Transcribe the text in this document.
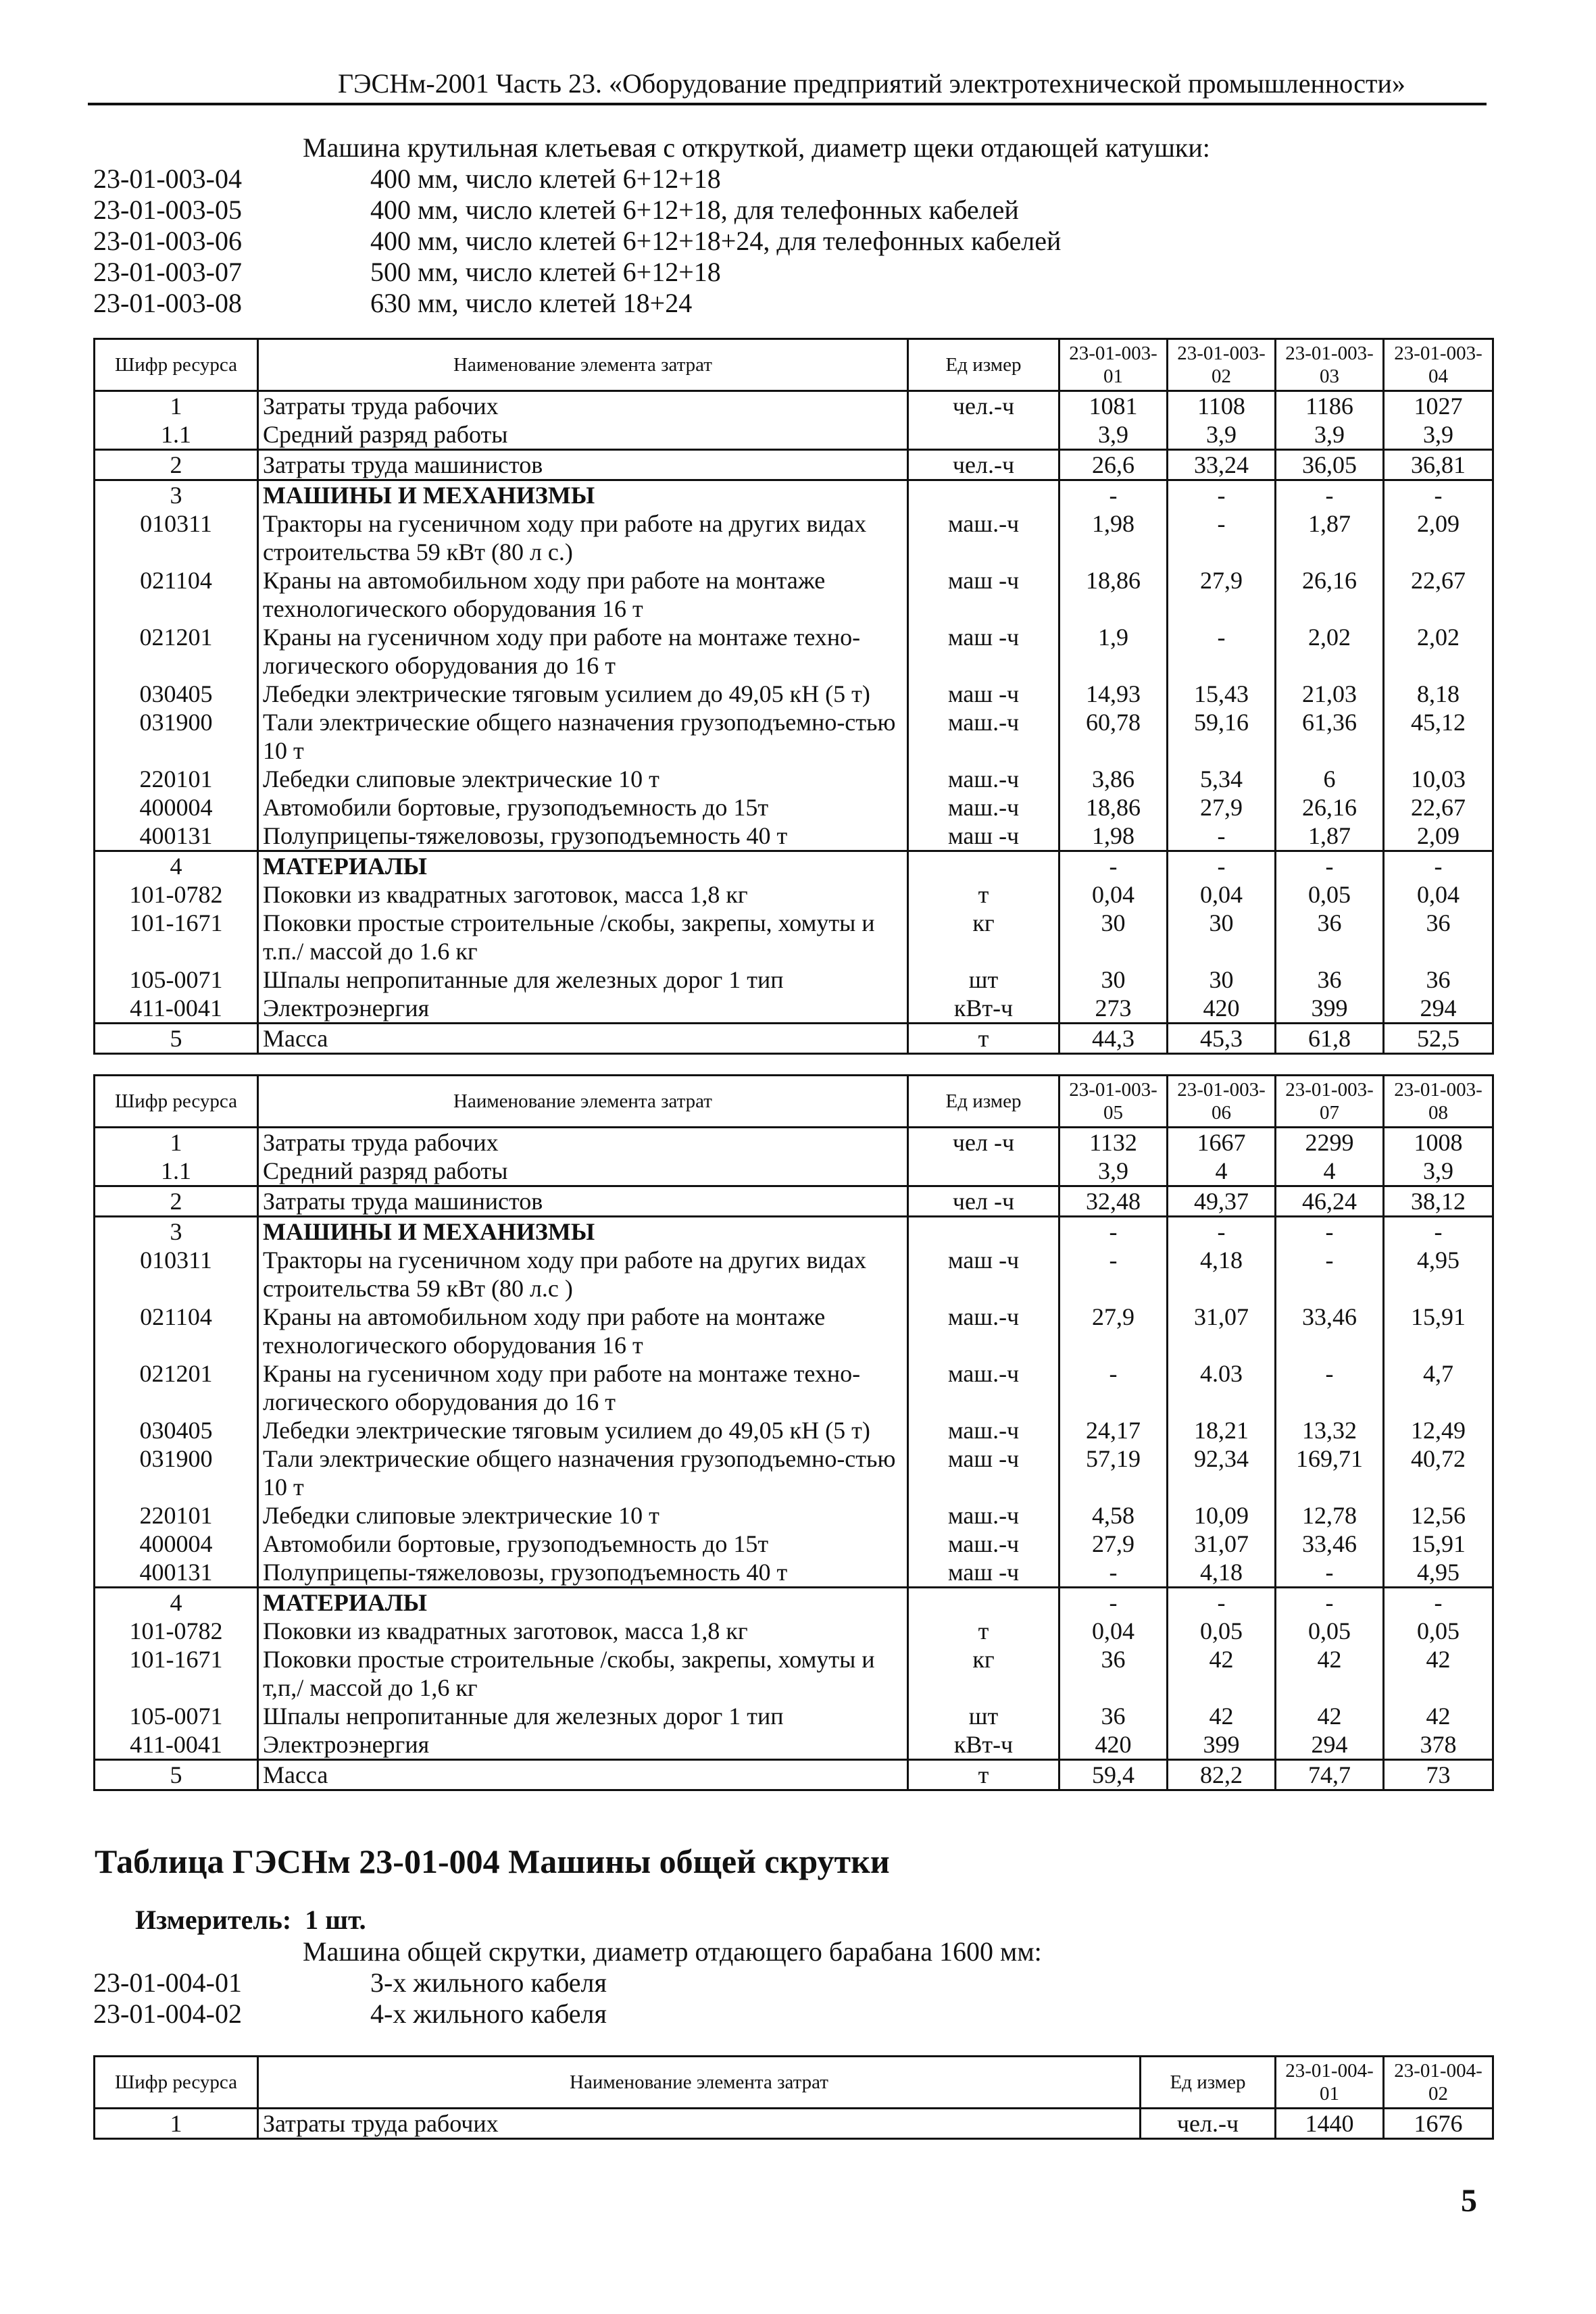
ГЭСНм-2001 Часть 23. «Оборудование предприятий электротехнической промышленности»
Машина крутильная клетьевая с откруткой, диаметр щеки отдающей катушки:
23-01-003-04	400 мм, число клетей 6+12+18
23-01-003-05	400 мм, число клетей 6+12+18, для телефонных кабелей
23-01-003-06	400 мм, число клетей 6+12+18+24, для телефонных кабелей
23-01-003-07	500 мм, число клетей 6+12+18
23-01-003-08	630 мм, число клетей 18+24
Шифр ресурса	Наименование элемента затрат	Ед измер	23-01-003-01	23-01-003-02	23-01-003-03	23-01-003-04
1	Затраты труда рабочих	чел.-ч	1081	1108	1186	1027
1.1	Средний разряд работы		3,9	3,9	3,9	3,9
2	Затраты труда машинистов	чел.-ч	26,6	33,24	36,05	36,81
3	МАШИНЫ И МЕХАНИЗМЫ		-	-	-	-
010311	Тракторы на гусеничном ходу при работе на других видах строительства 59 кВт (80 л с.)	маш.-ч	1,98	-	1,87	2,09
021104	Краны на автомобильном ходу при работе на монтаже технологического оборудования 16 т	маш -ч	18,86	27,9	26,16	22,67
021201	Краны на гусеничном ходу при работе на монтаже техно-логического оборудования до 16 т	маш -ч	1,9	-	2,02	2,02
030405	Лебедки электрические тяговым усилием до 49,05 кН (5 т)	маш -ч	14,93	15,43	21,03	8,18
031900	Тали электрические общего назначения грузоподъемно-стью 10 т	маш.-ч	60,78	59,16	61,36	45,12
220101	Лебедки слиповые электрические 10 т	маш.-ч	3,86	5,34	6	10,03
400004	Автомобили бортовые, грузоподъемность до 15т	маш.-ч	18,86	27,9	26,16	22,67
400131	Полуприцепы-тяжеловозы, грузоподъемность 40 т	маш -ч	1,98	-	1,87	2,09
4	МАТЕРИАЛЫ		-	-	-	-
101-0782	Поковки из квадратных заготовок, масса 1,8 кг	т	0,04	0,04	0,05	0,04
101-1671	Поковки простые строительные /скобы, закрепы, хомуты и т.п./ массой до 1.6 кг	кг	30	30	36	36
105-0071	Шпалы непропитанные для железных дорог 1 тип	шт	30	30	36	36
411-0041	Электроэнергия	кВт-ч	273	420	399	294
5	Масса	т	44,3	45,3	61,8	52,5
Шифр ресурса	Наименование элемента затрат	Ед измер	23-01-003-05	23-01-003-06	23-01-003-07	23-01-003-08
1	Затраты труда рабочих	чел -ч	1132	1667	2299	1008
1.1	Средний разряд работы		3,9	4	4	3,9
2	Затраты труда машинистов	чел -ч	32,48	49,37	46,24	38,12
3	МАШИНЫ И МЕХАНИЗМЫ		-	-	-	-
010311	Тракторы на гусеничном ходу при работе на других видах строительства 59 кВт (80 л.с )	маш -ч	-	4,18	-	4,95
021104	Краны на автомобильном ходу при работе на монтаже технологического оборудования 16 т	маш.-ч	27,9	31,07	33,46	15,91
021201	Краны на гусеничном ходу при работе на монтаже техно-логического оборудования до 16 т	маш.-ч	-	4.03	-	4,7
030405	Лебедки электрические тяговым усилием до 49,05 кН (5 т)	маш.-ч	24,17	18,21	13,32	12,49
031900	Тали электрические общего назначения грузоподъемно-стью 10 т	маш -ч	57,19	92,34	169,71	40,72
220101	Лебедки слиповые электрические 10 т	маш.-ч	4,58	10,09	12,78	12,56
400004	Автомобили бортовые, грузоподъемность до 15т	маш.-ч	27,9	31,07	33,46	15,91
400131	Полуприцепы-тяжеловозы, грузоподъемность 40 т	маш -ч	-	4,18	-	4,95
4	МАТЕРИАЛЫ		-	-	-	-
101-0782	Поковки из квадратных заготовок, масса 1,8 кг	т	0,04	0,05	0,05	0,05
101-1671	Поковки простые строительные /скобы, закрепы, хомуты и т,п,/ массой до 1,6 кг	кг	36	42	42	42
105-0071	Шпалы непропитанные для железных дорог 1 тип	шт	36	42	42	42
411-0041	Электроэнергия	кВт-ч	420	399	294	378
5	Масса	т	59,4	82,2	74,7	73
Таблица ГЭСНм 23-01-004 Машины общей скрутки
Измеритель: 1 шт.
Машина общей скрутки, диаметр отдающего барабана 1600 мм:
23-01-004-01	3-х жильного кабеля
23-01-004-02	4-х жильного кабеля
Шифр ресурса	Наименование элемента затрат	Ед измер	23-01-004-01	23-01-004-02
1	Затраты труда рабочих	чел.-ч	1440	1676
5
